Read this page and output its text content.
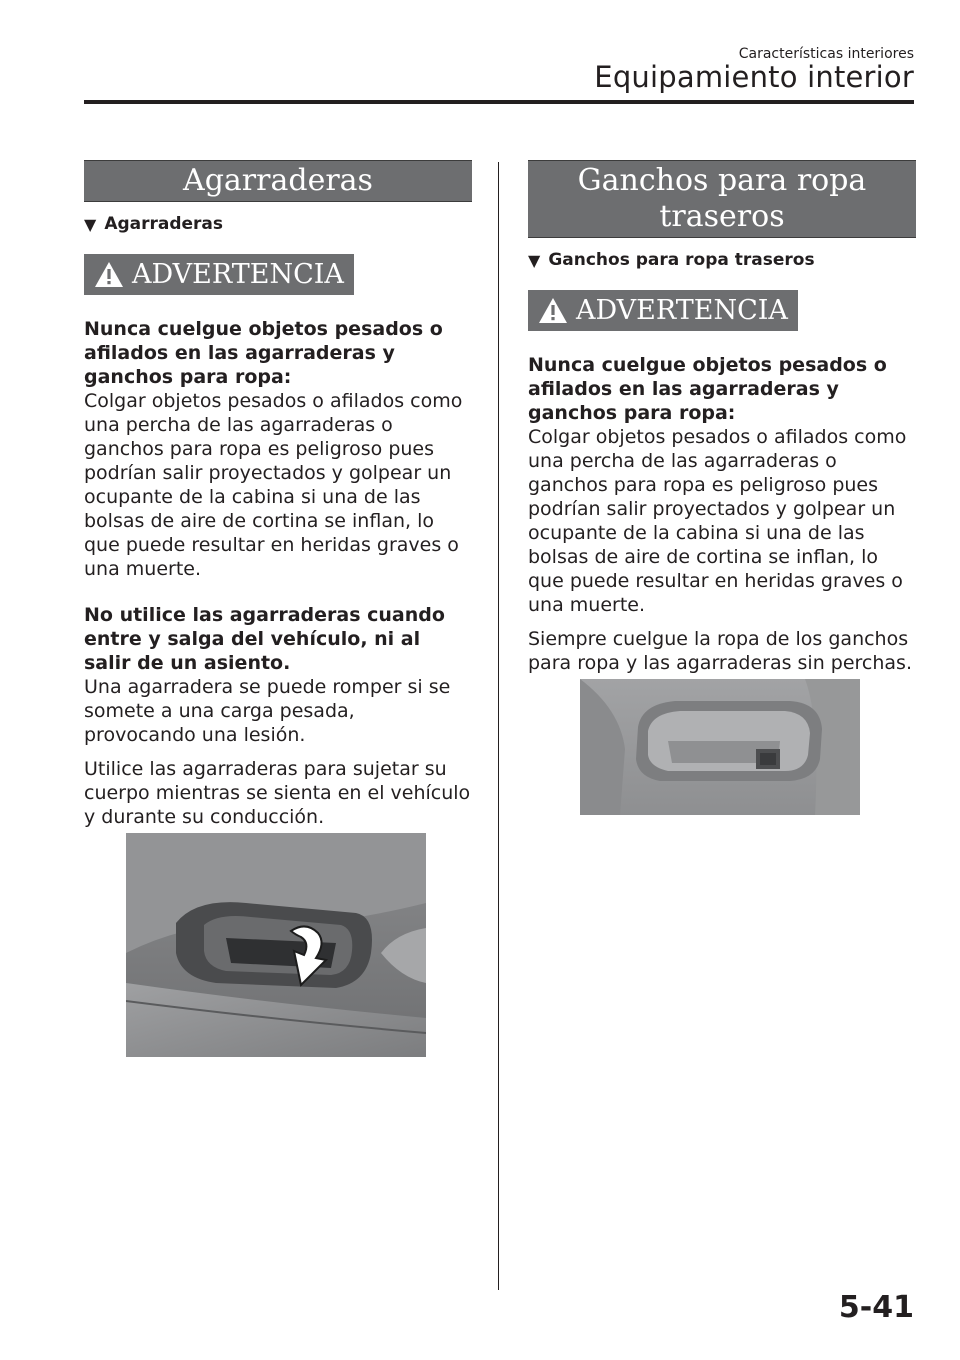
Características interiores
Equipamiento interior
Agarraderas
▼ Agarraderas
ADVERTENCIA
Nunca cuelgue objetos pesados o afilados en las agarraderas y ganchos para ropa:
Colgar objetos pesados o afilados como una percha de las agarraderas o ganchos para ropa es peligroso pues podrían salir proyectados y golpear un ocupante de la cabina si una de las bolsas de aire de cortina se inflan, lo que puede resultar en heridas graves o una muerte.
No utilice las agarraderas cuando entre y salga del vehículo, ni al salir de un asiento.
Una agarradera se puede romper si se somete a una carga pesada, provocando una lesión.
Utilice las agarraderas para sujetar su cuerpo mientras se sienta en el vehículo y durante su conducción.
Ganchos para ropa traseros
▼ Ganchos para ropa traseros
ADVERTENCIA
Nunca cuelgue objetos pesados o afilados en las agarraderas y ganchos para ropa:
Colgar objetos pesados o afilados como una percha de las agarraderas o ganchos para ropa es peligroso pues podrían salir proyectados y golpear un ocupante de la cabina si una de las bolsas de aire de cortina se inflan, lo que puede resultar en heridas graves o una muerte.
Siempre cuelgue la ropa de los ganchos para ropa y las agarraderas sin perchas.
5-41
